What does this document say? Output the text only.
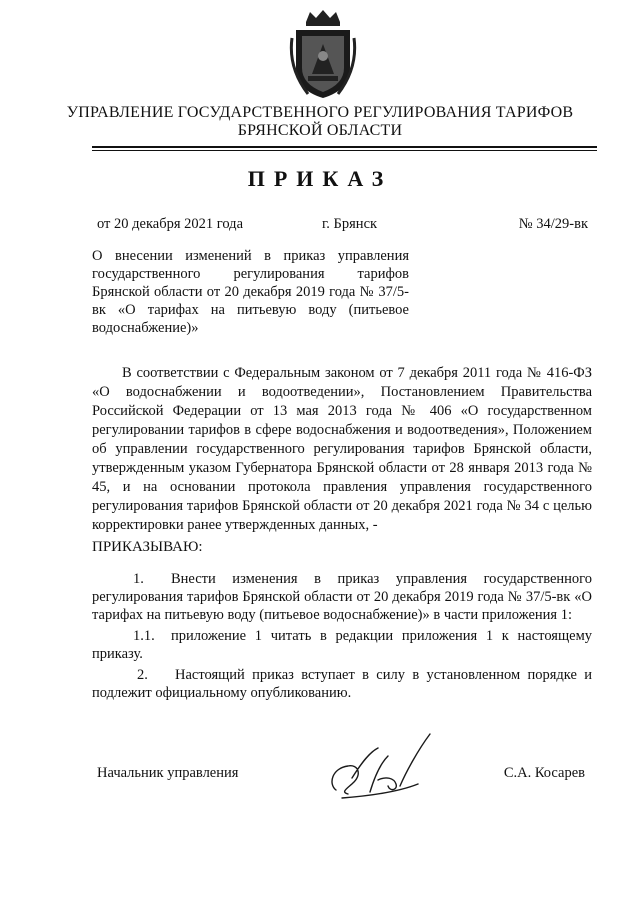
УПРАВЛЕНИЕ ГОСУДАРСТВЕННОГО РЕГУЛИРОВАНИЯ ТАРИФОВ
БРЯНСКОЙ ОБЛАСТИ
ПРИКАЗ
от 20 декабря 2021 года	г. Брянск	№ 34/29-вк
О внесении изменений в приказ управления государственного регулирования тарифов Брянской области от 20 декабря 2019 года № 37/5-вк «О тарифах на питьевую воду (питьевое водоснабжение)»
В соответствии с Федеральным законом от 7 декабря 2011 года № 416-ФЗ «О водоснабжении и водоотведении», Постановлением Правительства Российской Федерации от 13 мая 2013 года № 406 «О государственном регулировании тарифов в сфере водоснабжения и водоотведения», Положением об управлении государственного регулирования тарифов Брянской области, утвержденным указом Губернатора Брянской области от 28 января 2013 года № 45, и на основании протокола правления управления государственного регулирования тарифов Брянской области от 20 декабря 2021 года № 34 с целью корректировки ранее утвержденных данных, -
ПРИКАЗЫВАЮ:
1. Внести изменения в приказ управления государственного регулирования тарифов Брянской области от 20 декабря 2019 года № 37/5-вк «О тарифах на питьевую воду (питьевое водоснабжение)» в части приложения 1:
1.1. приложение 1 читать в редакции приложения 1 к настоящему приказу.
2. Настоящий приказ вступает в силу в установленном порядке и подлежит официальному опубликованию.
Начальник управления	С.А. Косарев
